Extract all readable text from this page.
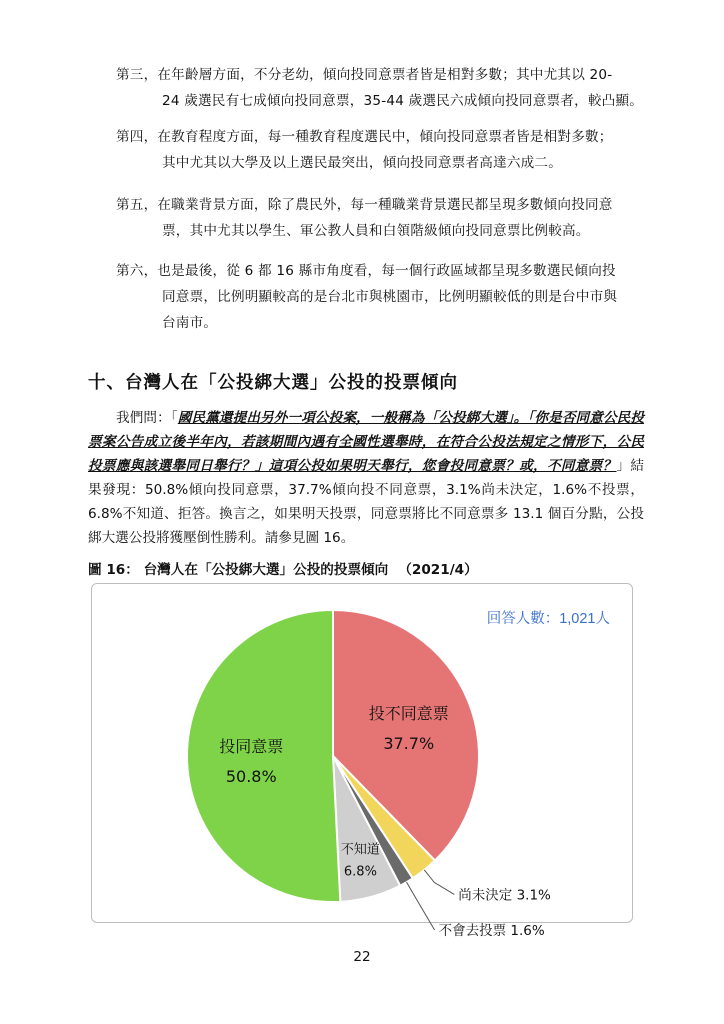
第三，在年齡層方面，不分老幼，傾向投同意票者皆是相對多數；其中尤其以 20-
24 歲選民有七成傾向投同意票，35-44 歲選民六成傾向投同意票者，較凸顯。
第四，在教育程度方面，每一種教育程度選民中，傾向投同意票者皆是相對多數；
其中尤其以大學及以上選民最突出，傾向投同意票者高達六成二。
第五，在職業背景方面，除了農民外，每一種職業背景選民都呈現多數傾向投同意
票，其中尤其以學生、軍公教人員和白領階級傾向投同意票比例較高。
第六，也是最後，從 6 都 16 縣市角度看，每一個行政區域都呈現多數選民傾向投
同意票，比例明顯較高的是台北市與桃園市，比例明顯較低的則是台中市與
台南市。
十、台灣人在「公投綁大選」公投的投票傾向
我們問：「國民黨還提出另外一項公投案，一般稱為「公投綁大選」。「你是否同意公民投票案公告成立後半年內，若該期間內遇有全國性選舉時，在符合公投法規定之情形下，公民投票應與該選舉同日舉行？」這項公投如果明天舉行，您會投同意票？或，不同意票？」結果發現：50.8%傾向投同意票，37.7%傾向投不同意票，3.1%尚未決定，1.6%不投票，6.8%不知道、拒答。換言之，如果明天投票，同意票將比不同意票多 13.1 個百分點，公投綁大選公投將獲壓倒性勝利。請參見圖 16。
圖 16： 台灣人在「公投綁大選」公投的投票傾向 （2021/4）
投同意票
50.8%
投不同意票
37.7%
不知道
6.8%
尚未決定 3.1%
不會去投票 1.6%
回答人數：1,021人
22
